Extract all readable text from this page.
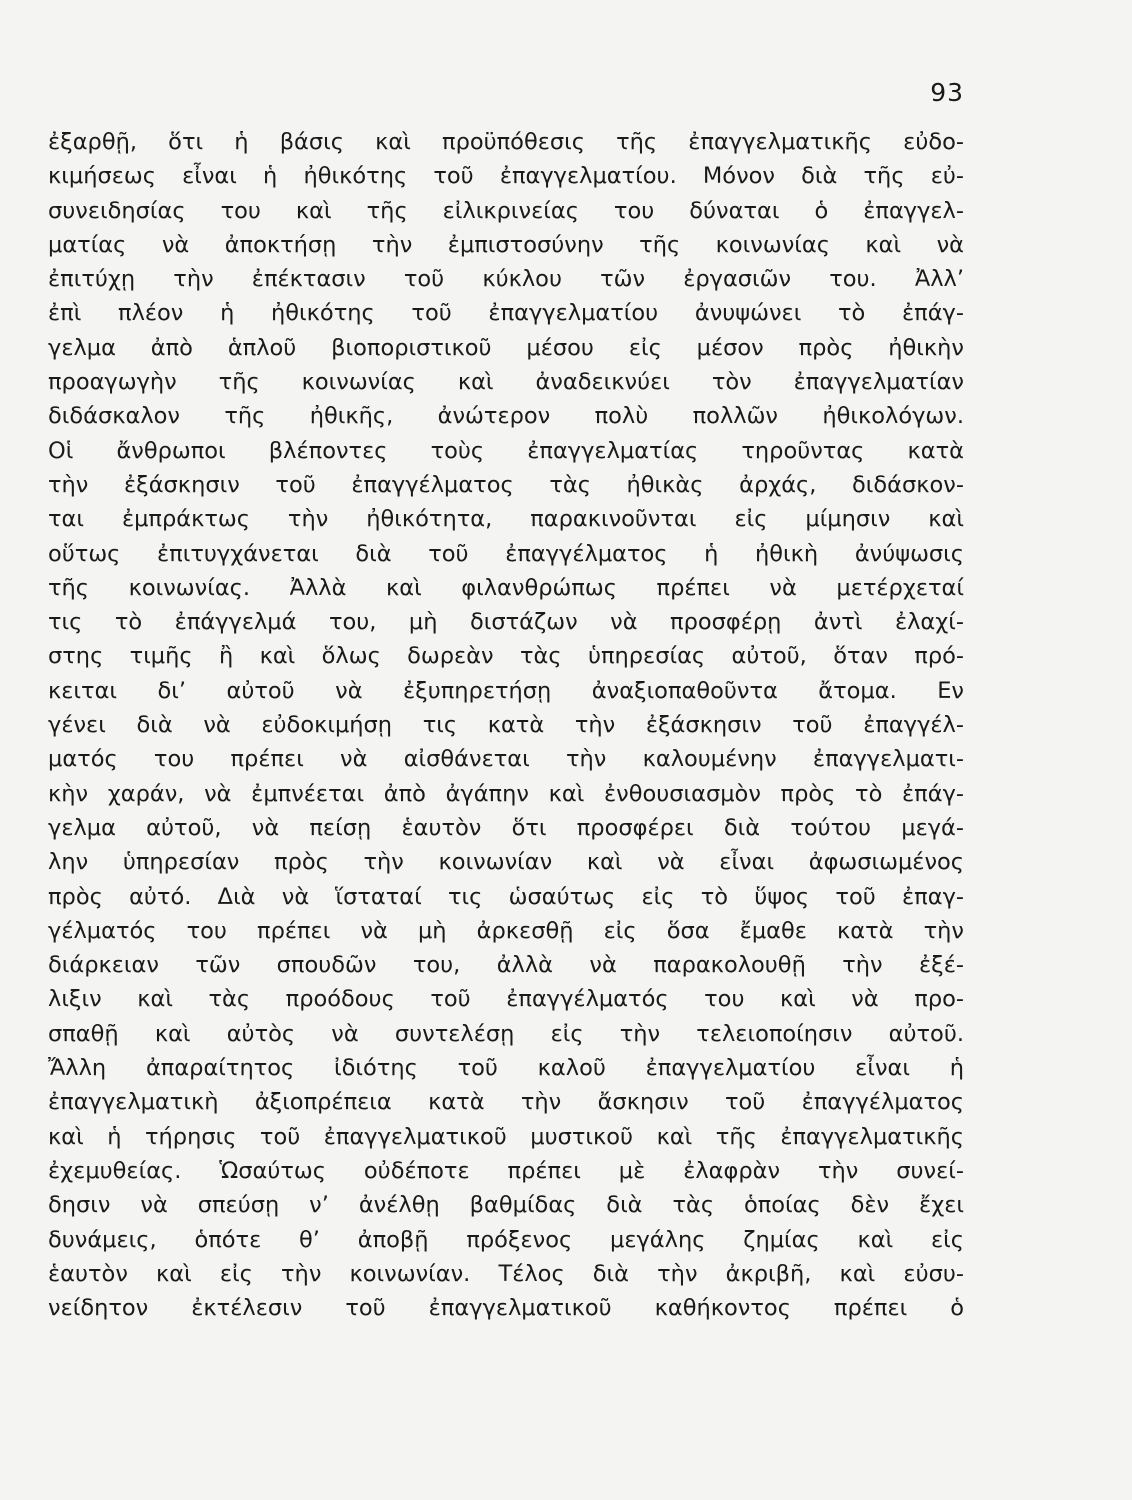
93
ἐξαρθῇ, ὅτι ἡ βάσις καὶ προϋπόθεσις τῆς ἐπαγγελματικῆς εὐδο-
κιμήσεως εἶναι ἡ ἠθικότης τοῦ ἐπαγγελματίου. Μόνον διὰ τῆς εὐ-
συνειδησίας του καὶ τῆς εἰλικρινείας του δύναται ὁ ἐπαγγελ-
ματίας νὰ ἀποκτήσῃ τὴν ἐμπιστοσύνην τῆς κοινωνίας καὶ νὰ
ἐπιτύχῃ τὴν ἐπέκτασιν τοῦ κύκλου τῶν ἐργασιῶν του. Ἀλλ’
ἐπὶ πλέον ἡ ἠθικότης τοῦ ἐπαγγελματίου ἀνυψώνει τὸ ἐπάγ-
γελμα ἀπὸ ἁπλοῦ βιοποριστικοῦ μέσου εἰς μέσον πρὸς ἠθικὴν
προαγωγὴν τῆς κοινωνίας καὶ ἀναδεικνύει τὸν ἐπαγγελματίαν
διδάσκαλον τῆς ἠθικῆς, ἀνώτερον πολὺ πολλῶν ἠθικολόγων.
Οἱ ἄνθρωποι βλέποντες τοὺς ἐπαγγελματίας τηροῦντας κατὰ
τὴν ἐξάσκησιν τοῦ ἐπαγγέλματος τὰς ἠθικὰς ἀρχάς, διδάσκον-
ται ἐμπράκτως τὴν ἠθικότητα, παρακινοῦνται εἰς μίμησιν καὶ
οὕτως ἐπιτυγχάνεται διὰ τοῦ ἐπαγγέλματος ἡ ἠθικὴ ἀνύψωσις
τῆς κοινωνίας. Ἀλλὰ καὶ φιλανθρώπως πρέπει νὰ μετέρχεταί
τις τὸ ἐπάγγελμά του, μὴ διστάζων νὰ προσφέρῃ ἀντὶ ἐλαχί-
στης τιμῆς ἢ καὶ ὅλως δωρεὰν τὰς ὑπηρεσίας αὐτοῦ, ὅταν πρό-
κειται δι’ αὐτοῦ νὰ ἐξυπηρετήσῃ ἀναξιοπαθοῦντα ἄτομα. Εν
γένει διὰ νὰ εὐδοκιμήσῃ τις κατὰ τὴν ἐξάσκησιν τοῦ ἐπαγγέλ-
ματός του πρέπει νὰ αἰσθάνεται τὴν καλουμένην ἐπαγγελματι-
κὴν χαράν, νὰ ἐμπνέεται ἀπὸ ἀγάπην καὶ ἐνθουσιασμὸν πρὸς τὸ ἐπάγ-
γελμα αὐτοῦ, νὰ πείσῃ ἑαυτὸν ὅτι προσφέρει διὰ τούτου μεγά-
λην ὑπηρεσίαν πρὸς τὴν κοινωνίαν καὶ νὰ εἶναι ἀφωσιωμένος
πρὸς αὐτό. Διὰ νὰ ἵσταταί τις ὡσαύτως εἰς τὸ ὕψος τοῦ ἐπαγ-
γέλματός του πρέπει νὰ μὴ ἀρκεσθῇ εἰς ὅσα ἔμαθε κατὰ τὴν
διάρκειαν τῶν σπουδῶν του, ἀλλὰ νὰ παρακολουθῇ τὴν ἐξέ-
λιξιν καὶ τὰς προόδους τοῦ ἐπαγγέλματός του καὶ νὰ προ-
σπαθῇ καὶ αὐτὸς νὰ συντελέσῃ εἰς τὴν τελειοποίησιν αὐτοῦ.
Ἄλλη ἀπαραίτητος ἰδιότης τοῦ καλοῦ ἐπαγγελματίου εἶναι ἡ
ἐπαγγελματικὴ ἀξιοπρέπεια κατὰ τὴν ἄσκησιν τοῦ ἐπαγγέλματος
καὶ ἡ τήρησις τοῦ ἐπαγγελματικοῦ μυστικοῦ καὶ τῆς ἐπαγγελματικῆς
ἐχεμυθείας. Ὡσαύτως οὐδέποτε πρέπει μὲ ἐλαφρὰν τὴν συνεί-
δησιν νὰ σπεύσῃ ν’ ἀνέλθῃ βαθμίδας διὰ τὰς ὁποίας δὲν ἔχει
δυνάμεις, ὁπότε θ’ ἀποβῇ πρόξενος μεγάλης ζημίας καὶ εἰς
ἑαυτὸν καὶ εἰς τὴν κοινωνίαν. Τέλος διὰ τὴν ἀκριβῆ, καὶ εὐσυ-
νείδητον ἐκτέλεσιν τοῦ ἐπαγγελματικοῦ καθήκοντος πρέπει ὁ
